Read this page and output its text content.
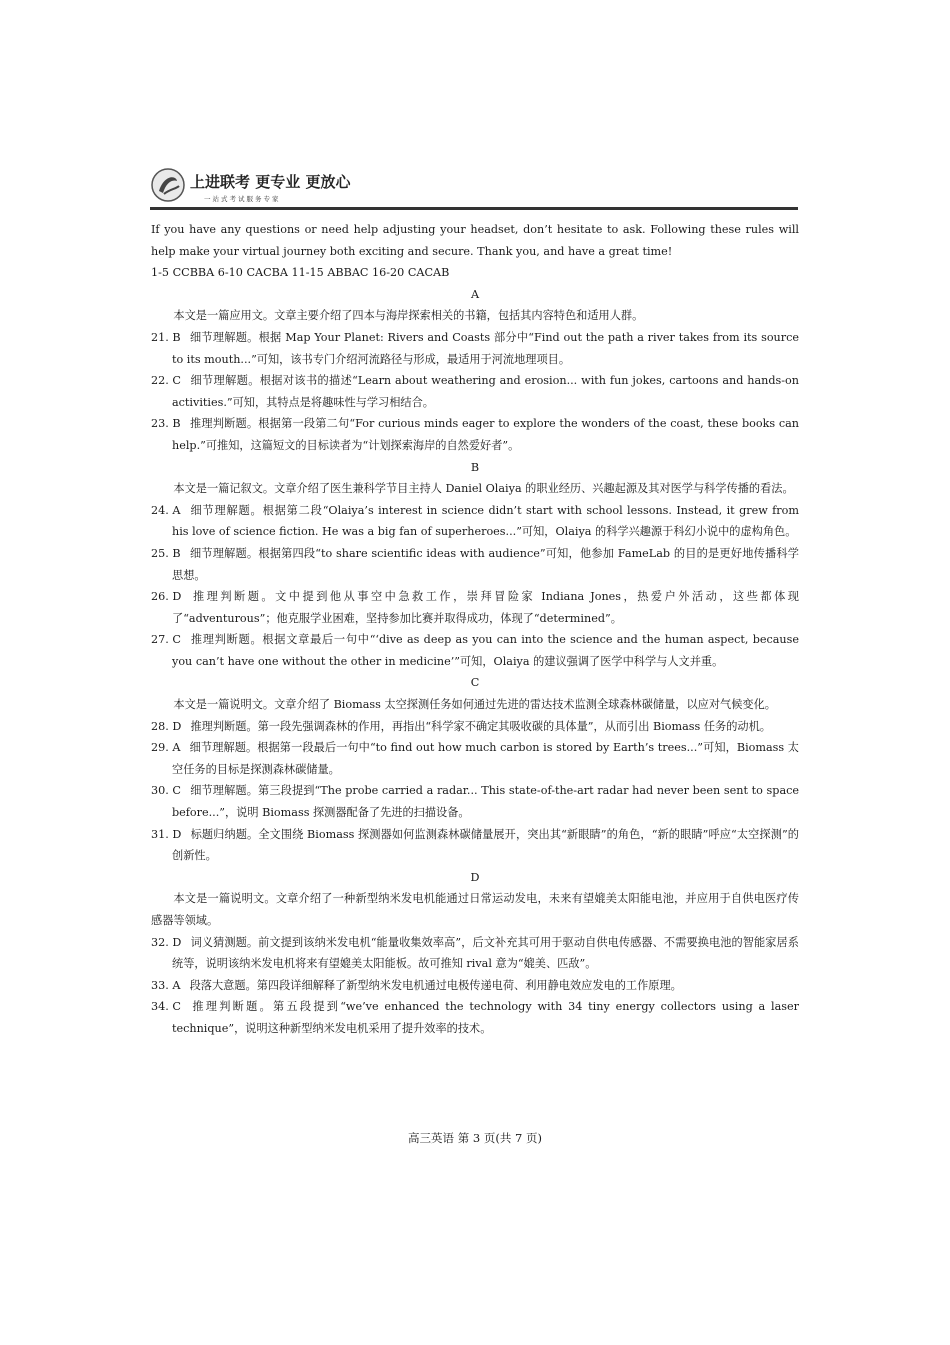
上进联考 更专业 更放心
一站式考试服务专家

If you have any questions or need help adjusting your headset, don’t hesitate to ask. Following these rules will help make your virtual journey both exciting and secure. Thank you, and have a great time!

1-5 CCBBA 6-10 CACBA 11-15 ABBAC 16-20 CACAB

A

本文是一篇应用文。文章主要介绍了四本与海岸探索相关的书籍，包括其内容特色和适用人群。

21. B  细节理解题。根据 Map Your Planet: Rivers and Coasts 部分中“Find out the path a river takes from its source to its mouth...”可知，该书专门介绍河流路径与形成，最适用于河流地理项目。

22. C  细节理解题。根据对该书的描述“Learn about weathering and erosion... with fun jokes, cartoons and hands-on activities.”可知，其特点是将趣味性与学习相结合。

23. B  推理判断题。根据第一段第二句“For curious minds eager to explore the wonders of the coast, these books can help.”可推知，这篇短文的目标读者为“计划探索海岸的自然爱好者”。

B

本文是一篇记叙文。文章介绍了医生兼科学节目主持人 Daniel Olaiya 的职业经历、兴趣起源及其对医学与科学传播的看法。

24. A  细节理解题。根据第二段“Olaiya’s interest in science didn’t start with school lessons. Instead, it grew from his love of science fiction. He was a big fan of superheroes...”可知，Olaiya 的科学兴趣源于科幻小说中的虚构角色。

25. B  细节理解题。根据第四段“to share scientific ideas with audience”可知，他参加 FameLab 的目的是更好地传播科学思想。

26. D  推理判断题。文中提到他从事空中急救工作，崇拜冒险家 Indiana Jones，热爱户外活动，这些都体现了“adventurous”；他克服学业困难，坚持参加比赛并取得成功，体现了“determined”。

27. C  推理判断题。根据文章最后一句中“‘dive as deep as you can into the science and the human aspect, because you can’t have one without the other in medicine’”可知，Olaiya 的建议强调了医学中科学与人文并重。

C

本文是一篇说明文。文章介绍了 Biomass 太空探测任务如何通过先进的雷达技术监测全球森林碳储量，以应对气候变化。

28. D  推理判断题。第一段先强调森林的作用，再指出“科学家不确定其吸收碳的具体量”，从而引出 Biomass 任务的动机。

29. A  细节理解题。根据第一段最后一句中“to find out how much carbon is stored by Earth’s trees...”可知，Biomass 太空任务的目标是探测森林碳储量。

30. C  细节理解题。第三段提到“The probe carried a radar... This state-of-the-art radar had never been sent to space before...”，说明 Biomass 探测器配备了先进的扫描设备。

31. D  标题归纳题。全文围绕 Biomass 探测器如何监测森林碳储量展开，突出其“新眼睛”的角色，“新的眼睛”呼应“太空探测”的创新性。

D

本文是一篇说明文。文章介绍了一种新型纳米发电机能通过日常运动发电，未来有望媲美太阳能电池，并应用于自供电医疗传感器等领域。

32. D  词义猜测题。前文提到该纳米发电机“能量收集效率高”，后文补充其可用于驱动自供电传感器、不需要换电池的智能家居系统等，说明该纳米发电机将来有望媲美太阳能板。故可推知 rival 意为“媲美、匹敌”。

33. A  段落大意题。第四段详细解释了新型纳米发电机通过电极传递电荷、利用静电效应发电的工作原理。

34. C  推理判断题。第五段提到“we’ve enhanced the technology with 34 tiny energy collectors using a laser technique”，说明这种新型纳米发电机采用了提升效率的技术。

高三英语 第 3 页(共 7 页)
